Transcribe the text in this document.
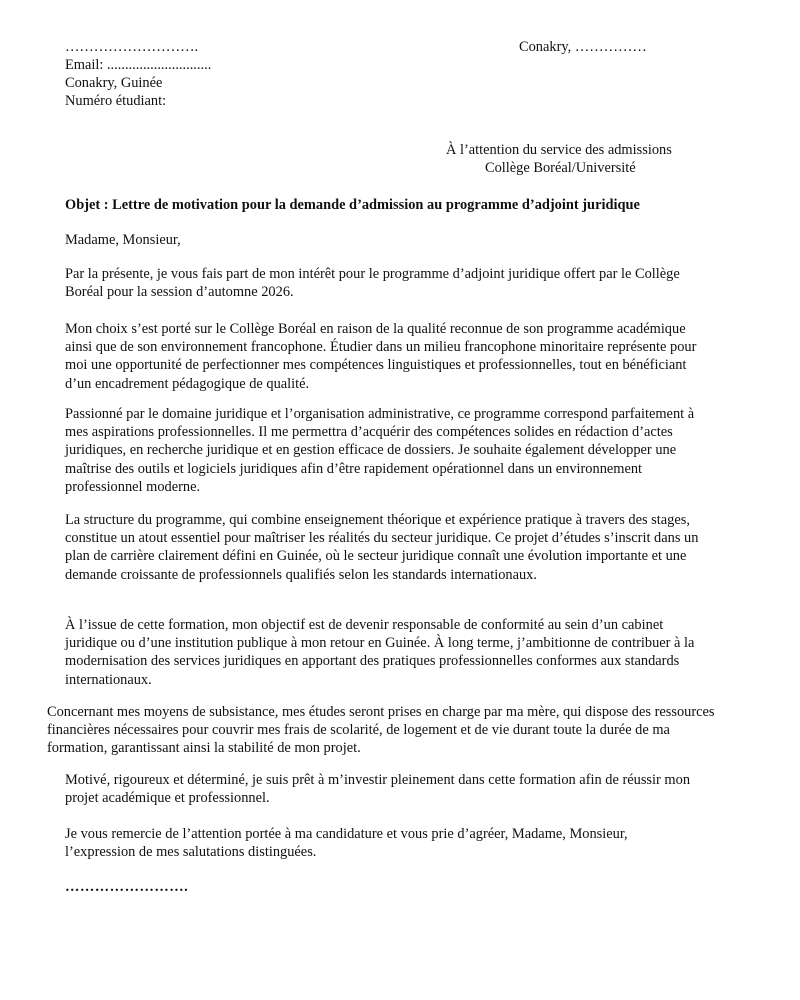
……………………….	Conakry, ……………
Email: .............................
Conakry, Guinée
Numéro étudiant:
À l’attention du service des admissions
Collège Boréal/Université
Objet : Lettre de motivation pour la demande d’admission au programme d’adjoint juridique
Madame, Monsieur,
Par la présente, je vous fais part de mon intérêt pour le programme d’adjoint juridique offert par le Collège Boréal pour la session d’automne 2026.
Mon choix s’est porté sur le Collège Boréal en raison de la qualité reconnue de son programme académique ainsi que de son environnement francophone. Étudier dans un milieu francophone minoritaire représente pour moi une opportunité de perfectionner mes compétences linguistiques et professionnelles, tout en bénéficiant d’un encadrement pédagogique de qualité.
Passionné par le domaine juridique et l’organisation administrative, ce programme correspond parfaitement à mes aspirations professionnelles. Il me permettra d’acquérir des compétences solides en rédaction d’actes juridiques, en recherche juridique et en gestion efficace de dossiers. Je souhaite également développer une maîtrise des outils et logiciels juridiques afin d’être rapidement opérationnel dans un environnement professionnel moderne.
La structure du programme, qui combine enseignement théorique et expérience pratique à travers des stages, constitue un atout essentiel pour maîtriser les réalités du secteur juridique. Ce projet d’études s’inscrit dans un plan de carrière clairement défini en Guinée, où le secteur juridique connaît une évolution importante et une demande croissante de professionnels qualifiés selon les standards internationaux.
À l’issue de cette formation, mon objectif est de devenir responsable de conformité au sein d’un cabinet juridique ou d’une institution publique à mon retour en Guinée. À long terme, j’ambitionne de contribuer à la modernisation des services juridiques en apportant des pratiques professionnelles conformes aux standards internationaux.
Concernant mes moyens de subsistance, mes études seront prises en charge par ma mère, qui dispose des ressources financières nécessaires pour couvrir mes frais de scolarité, de logement et de vie durant toute la durée de ma formation, garantissant ainsi la stabilité de mon projet.
Motivé, rigoureux et déterminé, je suis prêt à m’investir pleinement dans cette formation afin de réussir mon projet académique et professionnel.
Je vous remercie de l’attention portée à ma candidature et vous prie d’agréer, Madame, Monsieur, l’expression de mes salutations distinguées.
…………………….
